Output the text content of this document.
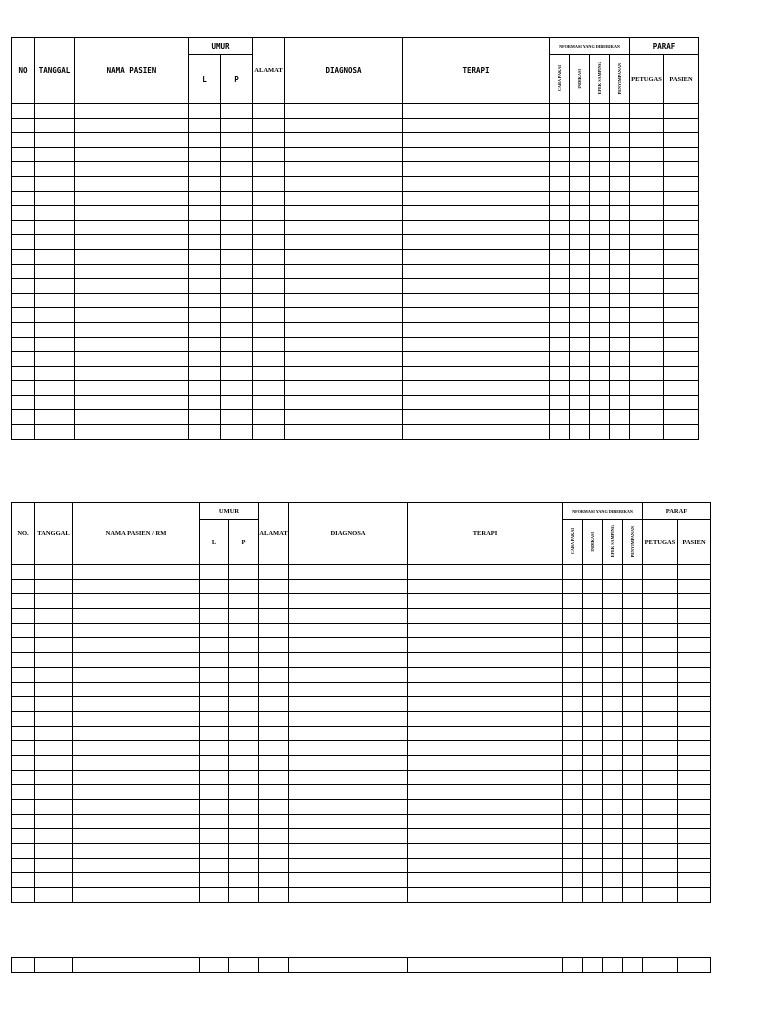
NO	TANGGAL	NAMA PASIEN	UMUR		ALAMAT	DIAGNOSA	TERAPI	NFORMASI YANG DIBERIKAN				PARAF	
			L	P				CARA PAKAI	INDIKASI	EFEK SAMPING	PENYIMPANAN	PETUGAS	PASIEN

NO.	TANGGAL	NAMA PASIEN / RM	UMUR		ALAMAT	DIAGNOSA	TERAPI	NFORMASI YANG DIBERIKAN				PARAF	
			L	P				CARA PAKAI	INDIKASI	EFEK SAMPING	PENYIMPANAN	PETUGAS	PASIEN
